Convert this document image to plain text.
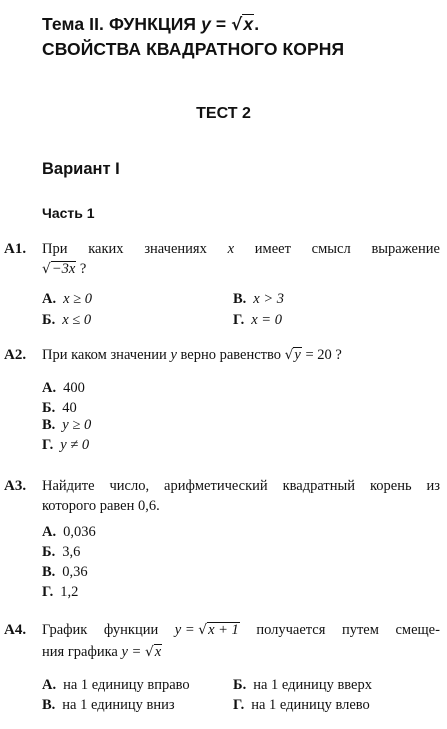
Тема II. ФУНКЦИЯ y = √x.
СВОЙСТВА КВАДРАТНОГО КОРНЯ
ТЕСТ 2
Вариант I
Часть 1
A1. При каких значениях x имеет смысл выражение
√−3x ?
А. x ≥ 0	В. x > 3
Б. x ≤ 0	Г. x = 0
A2. При каком значении y верно равенство √y = 20 ?
А. 400
Б. 40
В. y ≥ 0
Г. y ≠ 0
A3. Найдите число, арифметический квадратный корень из
которого равен 0,6.
А. 0,036
Б. 3,6
В. 0,36
Г. 1,2
A4. График функции y = √x + 1 получается путем смеще-
ния графика y = √x
А. на 1 единицу вправо	Б. на 1 единицу вверх
В. на 1 единицу вниз	Г. на 1 единицу влево
